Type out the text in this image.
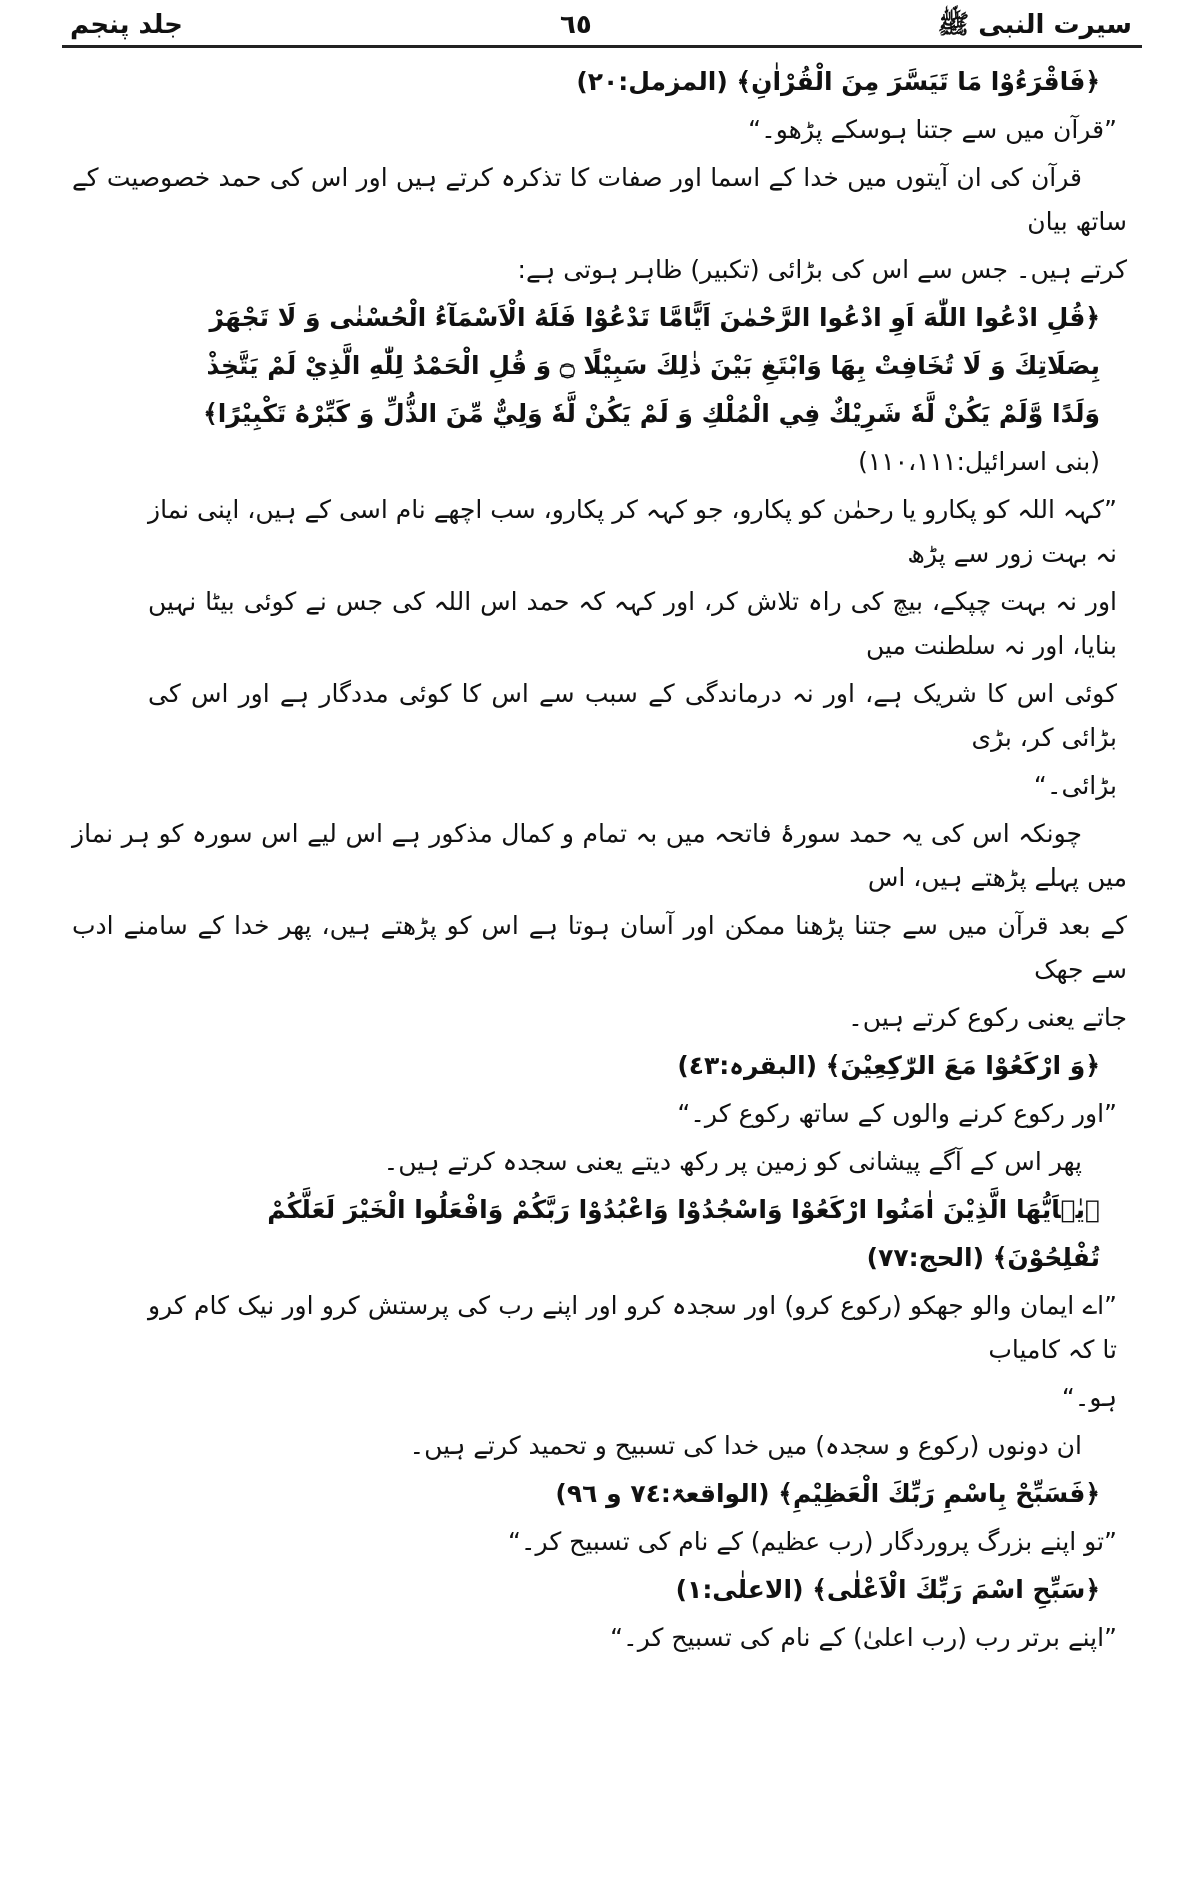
سیرت النبی ﷺ
٦٥
جلد پنجم
﴿فَاقْرَءُوْا مَا تَيَسَّرَ مِنَ الْقُرْاٰنِ﴾ (المزمل:٢٠)
”قرآن میں سے جتنا ہوسکے پڑھو۔“
قرآن کی ان آیتوں میں خدا کے اسما اور صفات کا تذکرہ کرتے ہیں اور اس کی حمد خصوصیت کے ساتھ بیان
کرتے ہیں۔ جس سے اس کی بڑائی (تکبیر) ظاہر ہوتی ہے:
﴿قُلِ ادْعُوا اللّٰهَ اَوِ ادْعُوا الرَّحْمٰنَ اَيًّامَّا تَدْعُوْا فَلَهُ الْاَسْمَآءُ الْحُسْنٰى وَ لَا تَجْهَرْ
بِصَلَاتِكَ وَ لَا تُخَافِتْ بِهَا وَابْتَغِ بَيْنَ ذٰلِكَ سَبِيْلًا ۝ وَ قُلِ الْحَمْدُ لِلّٰهِ الَّذِيْ لَمْ يَتَّخِذْ
وَلَدًا وَّلَمْ يَكُنْ لَّهٗ شَرِيْكٌ فِي الْمُلْكِ وَ لَمْ يَكُنْ لَّهٗ وَلِيٌّ مِّنَ الذُّلِّ وَ كَبِّرْهُ تَكْبِيْرًا﴾
(بنی اسرائیل:١١٠،١١١)
”کہہ اللہ کو پکارو یا رحمٰن کو پکارو، جو کہہ کر پکارو، سب اچھے نام اسی کے ہیں، اپنی نماز نہ بہت زور سے پڑھ
اور نہ بہت چپکے، بیچ کی راہ تلاش کر، اور کہہ کہ حمد اس اللہ کی جس نے کوئی بیٹا نہیں بنایا، اور نہ سلطنت میں
کوئی اس کا شریک ہے، اور نہ درماندگی کے سبب سے اس کا کوئی مددگار ہے اور اس کی بڑائی کر، بڑی
بڑائی۔“
چونکہ اس کی یہ حمد سورۂ فاتحہ میں بہ تمام و کمال مذکور ہے اس لیے اس سورہ کو ہر نماز میں پہلے پڑھتے ہیں، اس
کے بعد قرآن میں سے جتنا پڑھنا ممکن اور آسان ہوتا ہے اس کو پڑھتے ہیں، پھر خدا کے سامنے ادب سے جھک
جاتے یعنی رکوع کرتے ہیں۔
﴿وَ ارْكَعُوْا مَعَ الرّٰكِعِيْنَ﴾ (البقرہ:٤٣)
”اور رکوع کرنے والوں کے ساتھ رکوع کر۔“
پھر اس کے آگے پیشانی کو زمین پر رکھ دیتے یعنی سجدہ کرتے ہیں۔
﴿يٰۤاَيُّهَا الَّذِيْنَ اٰمَنُوا ارْكَعُوْا وَاسْجُدُوْا وَاعْبُدُوْا رَبَّكُمْ وَافْعَلُوا الْخَيْرَ لَعَلَّكُمْ
تُفْلِحُوْنَ﴾ (الحج:٧٧)
”اے ایمان والو جھکو (رکوع کرو) اور سجدہ کرو اور اپنے رب کی پرستش کرو اور نیک کام کرو تا کہ کامیاب
ہو۔“
ان دونوں (رکوع و سجدہ) میں خدا کی تسبیح و تحمید کرتے ہیں۔
﴿فَسَبِّحْ بِاسْمِ رَبِّكَ الْعَظِيْمِ﴾ (الواقعۃ:٧٤ و ٩٦)
”تو اپنے بزرگ پروردگار (رب عظیم) کے نام کی تسبیح کر۔“
﴿سَبِّحِ اسْمَ رَبِّكَ الْاَعْلٰى﴾ (الاعلٰی:١)
”اپنے برتر رب (رب اعلیٰ) کے نام کی تسبیح کر۔“
